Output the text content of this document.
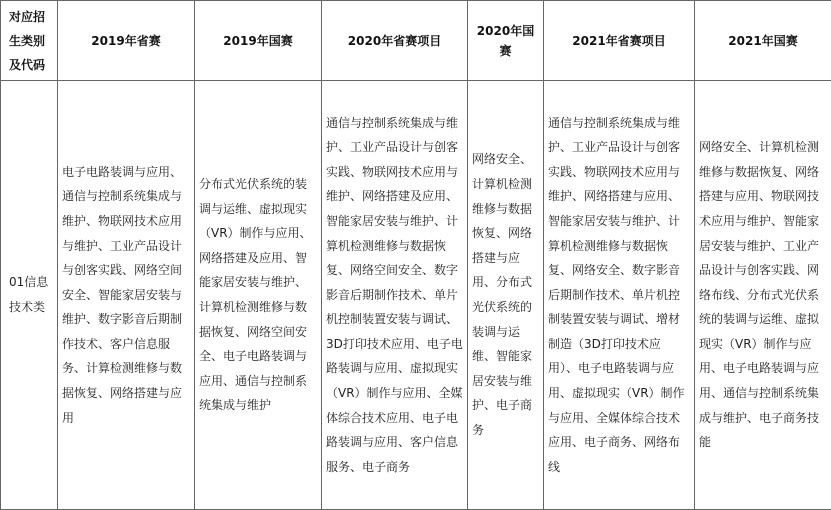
对应招生类别及代码	2019年省赛	2019年国赛	2020年省赛项目	2020年国赛	2021年省赛项目	2021年国赛
01信息技术类	电子电路装调与应用、通信与控制系统集成与维护、物联网技术应用与维护、工业产品设计与创客实践、网络空间安全、智能家居安装与维护、数字影音后期制作技术、客户信息服务、计算检测维修与数据恢复、网络搭建与应用	分布式光伏系统的装调与运维、虚拟现实（VR）制作与应用、网络搭建及应用、智能家居安装与维护、计算机检测维修与数据恢复、网络空间安全、电子电路装调与应用、通信与控制系统集成与维护	通信与控制系统集成与维护、工业产品设计与创客实践、物联网技术应用与维护、网络搭建及应用、智能家居安装与维护、计算机检测维修与数据恢复、网络空间安全、数字影音后期制作技术、单片机控制装置安装与调试、3D打印技术应用、电子电路装调与应用、虚拟现实（VR）制作与应用、全媒体综合技术应用、电子电路装调与应用、客户信息服务、电子商务	网络安全、计算机检测维修与数据恢复、网络搭建与应用、分布式光伏系统的装调与运维、智能家居安装与维护、电子商务	通信与控制系统集成与维护、工业产品设计与创客实践、物联网技术应用与维护、网络搭建与应用、智能家居安装与维护、计算机检测维修与数据恢复、网络安全、数字影音后期制作技术、单片机控制装置安装与调试、增材制造（3D打印技术应用）、电子电路装调与应用、虚拟现实（VR）制作与应用、全媒体综合技术应用、电子商务、网络布线	网络安全、计算机检测维修与数据恢复、网络搭建与应用、物联网技术应用与维护、智能家居安装与维护、工业产品设计与创客实践、网络布线、分布式光伏系统的装调与运维、虚拟现实（VR）制作与应用、电子电路装调与应用、通信与控制系统集成与维护、电子商务技能
